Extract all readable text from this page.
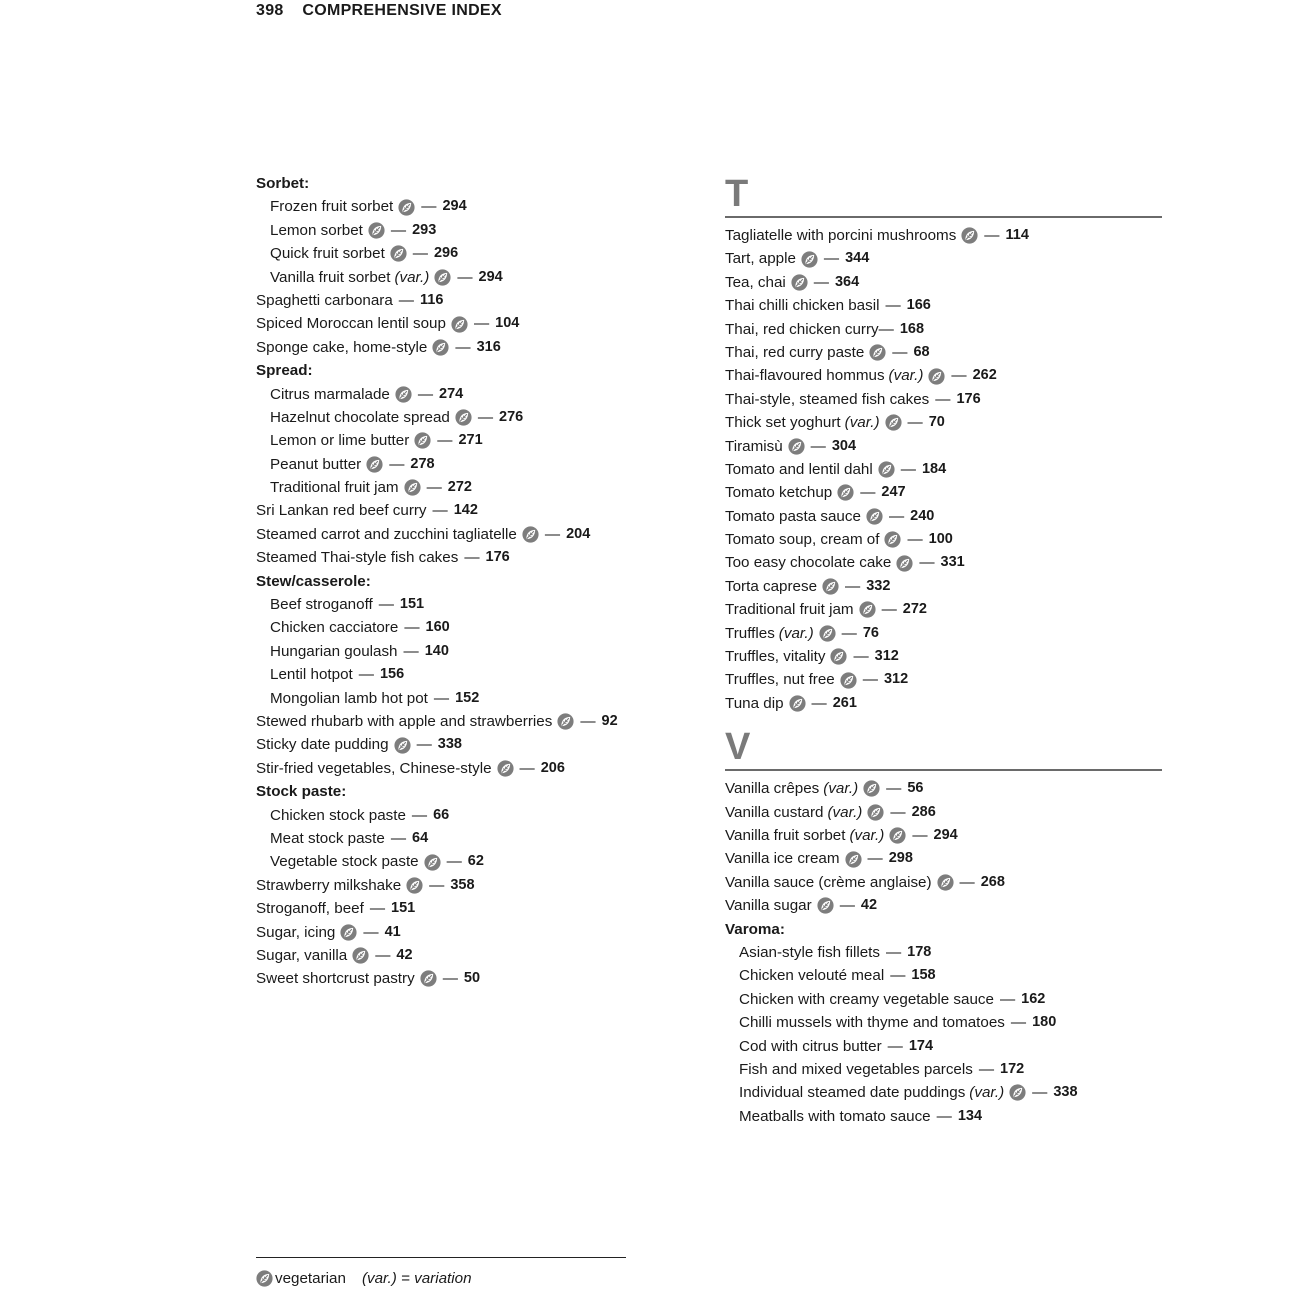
398 COMPREHENSIVE INDEX
Sorbet:
Frozen fruit sorbet — 294
Lemon sorbet — 293
Quick fruit sorbet — 296
Vanilla fruit sorbet (var.) — 294
Spaghetti carbonara — 116
Spiced Moroccan lentil soup — 104
Sponge cake, home-style — 316
Spread:
Citrus marmalade — 274
Hazelnut chocolate spread — 276
Lemon or lime butter — 271
Peanut butter — 278
Traditional fruit jam — 272
Sri Lankan red beef curry — 142
Steamed carrot and zucchini tagliatelle — 204
Steamed Thai-style fish cakes — 176
Stew/casserole:
Beef stroganoff — 151
Chicken cacciatore — 160
Hungarian goulash — 140
Lentil hotpot — 156
Mongolian lamb hot pot — 152
Stewed rhubarb with apple and strawberries — 92
Sticky date pudding — 338
Stir-fried vegetables, Chinese-style — 206
Stock paste:
Chicken stock paste — 66
Meat stock paste — 64
Vegetable stock paste — 62
Strawberry milkshake — 358
Stroganoff, beef — 151
Sugar, icing — 41
Sugar, vanilla — 42
Sweet shortcrust pastry — 50
T
Tagliatelle with porcini mushrooms — 114
Tart, apple — 344
Tea, chai — 364
Thai chilli chicken basil — 166
Thai, red chicken curry — 168
Thai, red curry paste — 68
Thai-flavoured hommus (var.) — 262
Thai-style, steamed fish cakes — 176
Thick set yoghurt (var.) — 70
Tiramisù — 304
Tomato and lentil dahl — 184
Tomato ketchup — 247
Tomato pasta sauce — 240
Tomato soup, cream of — 100
Too easy chocolate cake — 331
Torta caprese — 332
Traditional fruit jam — 272
Truffles (var.) — 76
Truffles, vitality — 312
Truffles, nut free — 312
Tuna dip — 261
V
Vanilla crêpes (var.) — 56
Vanilla custard (var.) — 286
Vanilla fruit sorbet (var.) — 294
Vanilla ice cream — 298
Vanilla sauce (crème anglaise) — 268
Vanilla sugar — 42
Varoma:
Asian-style fish fillets — 178
Chicken velouté meal — 158
Chicken with creamy vegetable sauce — 162
Chilli mussels with thyme and tomatoes — 180
Cod with citrus butter — 174
Fish and mixed vegetables parcels — 172
Individual steamed date puddings (var.) — 338
Meatballs with tomato sauce — 134
vegetarian (var.) = variation
